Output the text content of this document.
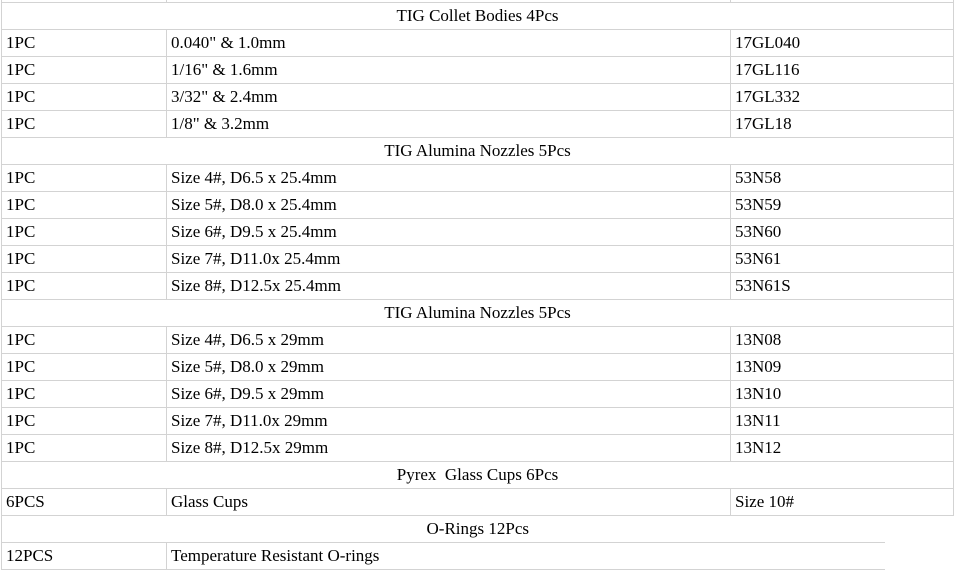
TIG Collet Bodies 4Pcs		
1PC	0.040" & 1.0mm	17GL040
1PC	1/16" & 1.6mm	17GL116
1PC	3/32" & 2.4mm	17GL332
1PC	1/8" & 3.2mm	17GL18
TIG Alumina Nozzles 5Pcs		
1PC	Size 4#, D6.5 x 25.4mm	53N58
1PC	Size 5#, D8.0 x 25.4mm	53N59
1PC	Size 6#, D9.5 x 25.4mm	53N60
1PC	Size 7#, D11.0x 25.4mm	53N61
1PC	Size 8#, D12.5x 25.4mm	53N61S
TIG Alumina Nozzles 5Pcs		
1PC	Size 4#, D6.5 x 29mm	13N08
1PC	Size 5#, D8.0 x 29mm	13N09
1PC	Size 6#, D9.5 x 29mm	13N10
1PC	Size 7#, D11.0x 29mm	13N11
1PC	Size 8#, D12.5x 29mm	13N12
Pyrex  Glass Cups 6Pcs		
6PCS	Glass Cups	Size 10#
O-Rings 12Pcs		
12PCS	Temperature Resistant O-rings	
